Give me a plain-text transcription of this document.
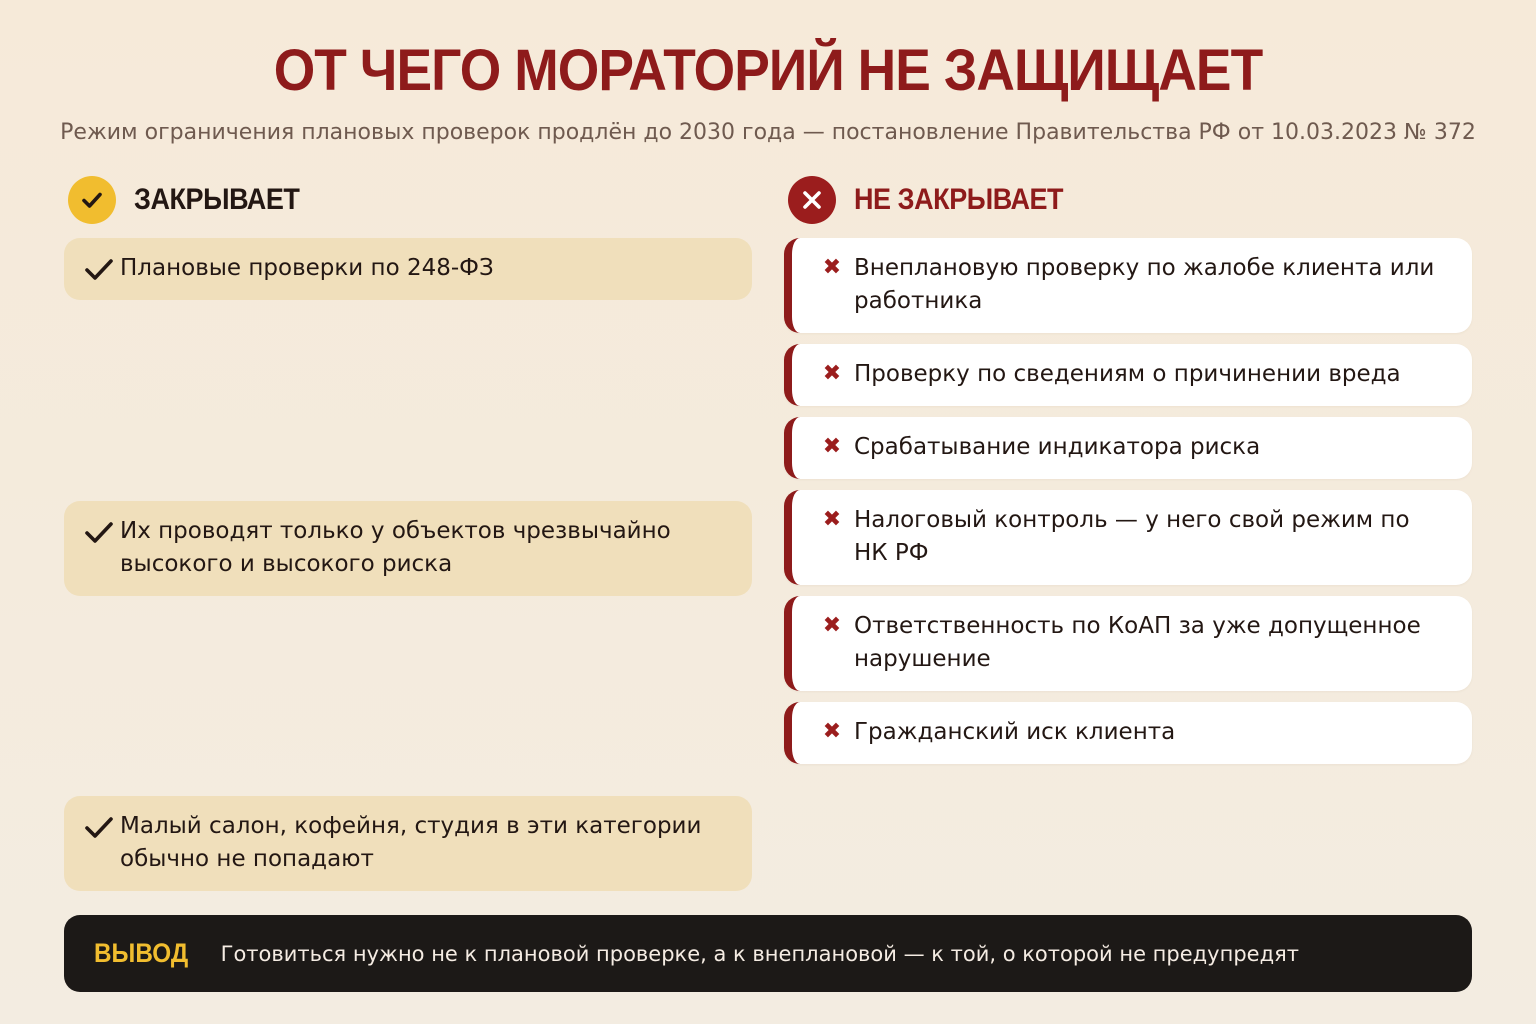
ОТ ЧЕГО МОРАТОРИЙ НЕ ЗАЩИЩАЕТ
Режим ограничения плановых проверок продлён до 2030 года — постановление Правительства РФ от 10.03.2023 № 372
ЗАКРЫВАЕТ	НЕ ЗАКРЫВАЕТ
Плановые проверки по 248-ФЗ
Их проводят только у объектов чрезвычайно высокого и высокого риска
Малый салон, кофейня, студия в эти категории обычно не попадают
✖ Внеплановую проверку по жалобе клиента или работника
✖ Проверку по сведениям о причинении вреда
✖ Срабатывание индикатора риска
✖ Налоговый контроль — у него свой режим по НК РФ
✖ Ответственность по КоАП за уже допущенное нарушение
✖ Гражданский иск клиента
ВЫВОД Готовиться нужно не к плановой проверке, а к внеплановой — к той, о которой не предупредят
